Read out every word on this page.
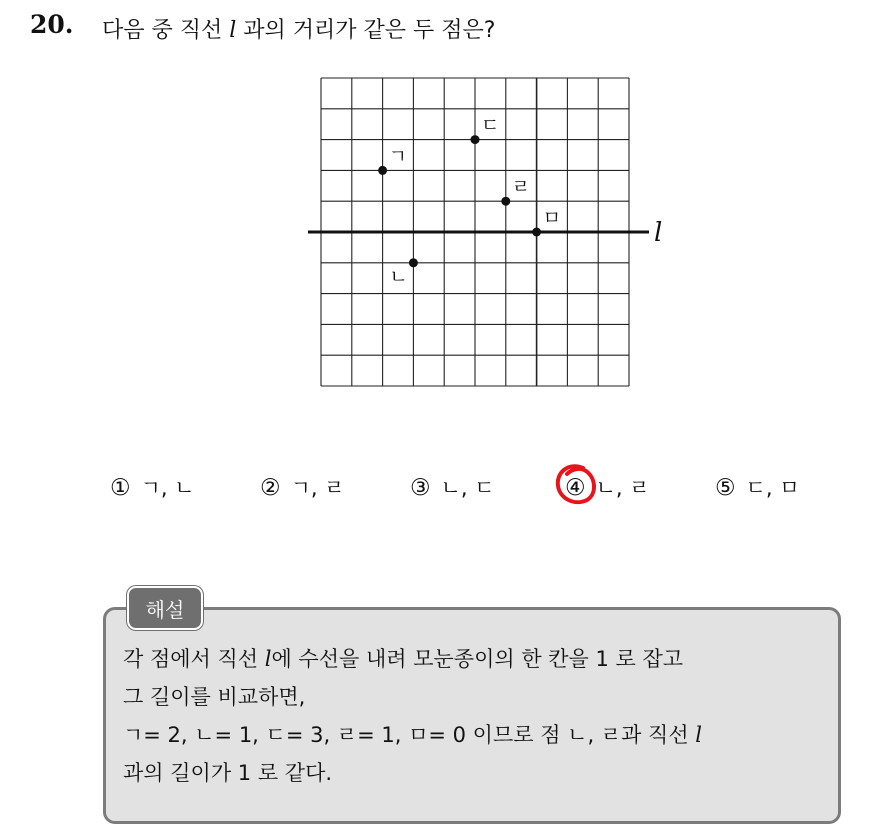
20. 다음 중 직선 l 과의 거리가 같은 두 점은?
l
ㄱ
ㄴ
ㄷ
ㄹ
ㅁ
① ㄱ, ㄴ	② ㄱ, ㄹ	③ ㄴ, ㄷ	④ ㄴ, ㄹ	⑤ ㄷ, ㅁ
해설
각 점에서 직선 l에 수선을 내려 모눈종이의 한 칸을 1 로 잡고
그 길이를 비교하면,
ㄱ= 2, ㄴ= 1, ㄷ= 3, ㄹ= 1, ㅁ= 0 이므로 점 ㄴ, ㄹ과 직선 l
과의 길이가 1 로 같다.
